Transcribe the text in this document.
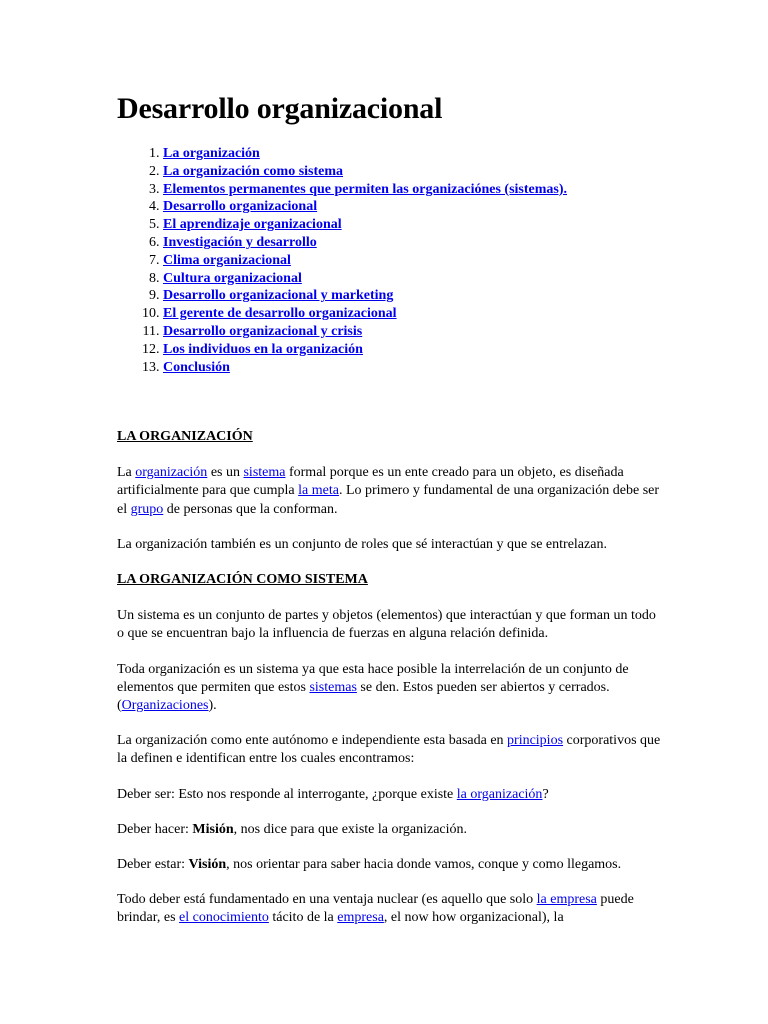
Desarrollo organizacional
1. La organización
2. La organización como sistema
3. Elementos permanentes que permiten las organizaciónes (sistemas).
4. Desarrollo organizacional
5. El aprendizaje organizacional
6. Investigación y desarrollo
7. Clima organizacional
8. Cultura organizacional
9. Desarrollo organizacional y marketing
10. El gerente de desarrollo organizacional
11. Desarrollo organizacional y crisis
12. Los individuos en la organización
13. Conclusión
LA ORGANIZACIÓN

La organización es un sistema formal porque es un ente creado para un objeto, es diseñada artificialmente para que cumpla la meta. Lo primero y fundamental de una organización debe ser el grupo de personas que la conforman.

La organización también es un conjunto de roles que sé interactúan y que se entrelazan.

LA ORGANIZACIÓN COMO SISTEMA

Un sistema es un conjunto de partes y objetos (elementos) que interactúan y que forman un todo o que se encuentran bajo la influencia de fuerzas en alguna relación definida.

Toda organización es un sistema ya que esta hace posible la interrelación de un conjunto de elementos que permiten que estos sistemas se den. Estos pueden ser abiertos y cerrados.(Organizaciones).

La organización como ente autónomo e independiente esta basada en principios corporativos que la definen e identifican entre los cuales encontramos:

Deber ser: Esto nos responde al interrogante, ¿porque existe la organización?

Deber hacer: Misión, nos dice para que existe la organización.

Deber estar: Visión, nos orientar para saber hacia donde vamos, conque y como llegamos.

Todo deber está fundamentado en una ventaja nuclear (es aquello que solo la empresa puede brindar, es el conocimiento tácito de la empresa, el now how organizacional), la
